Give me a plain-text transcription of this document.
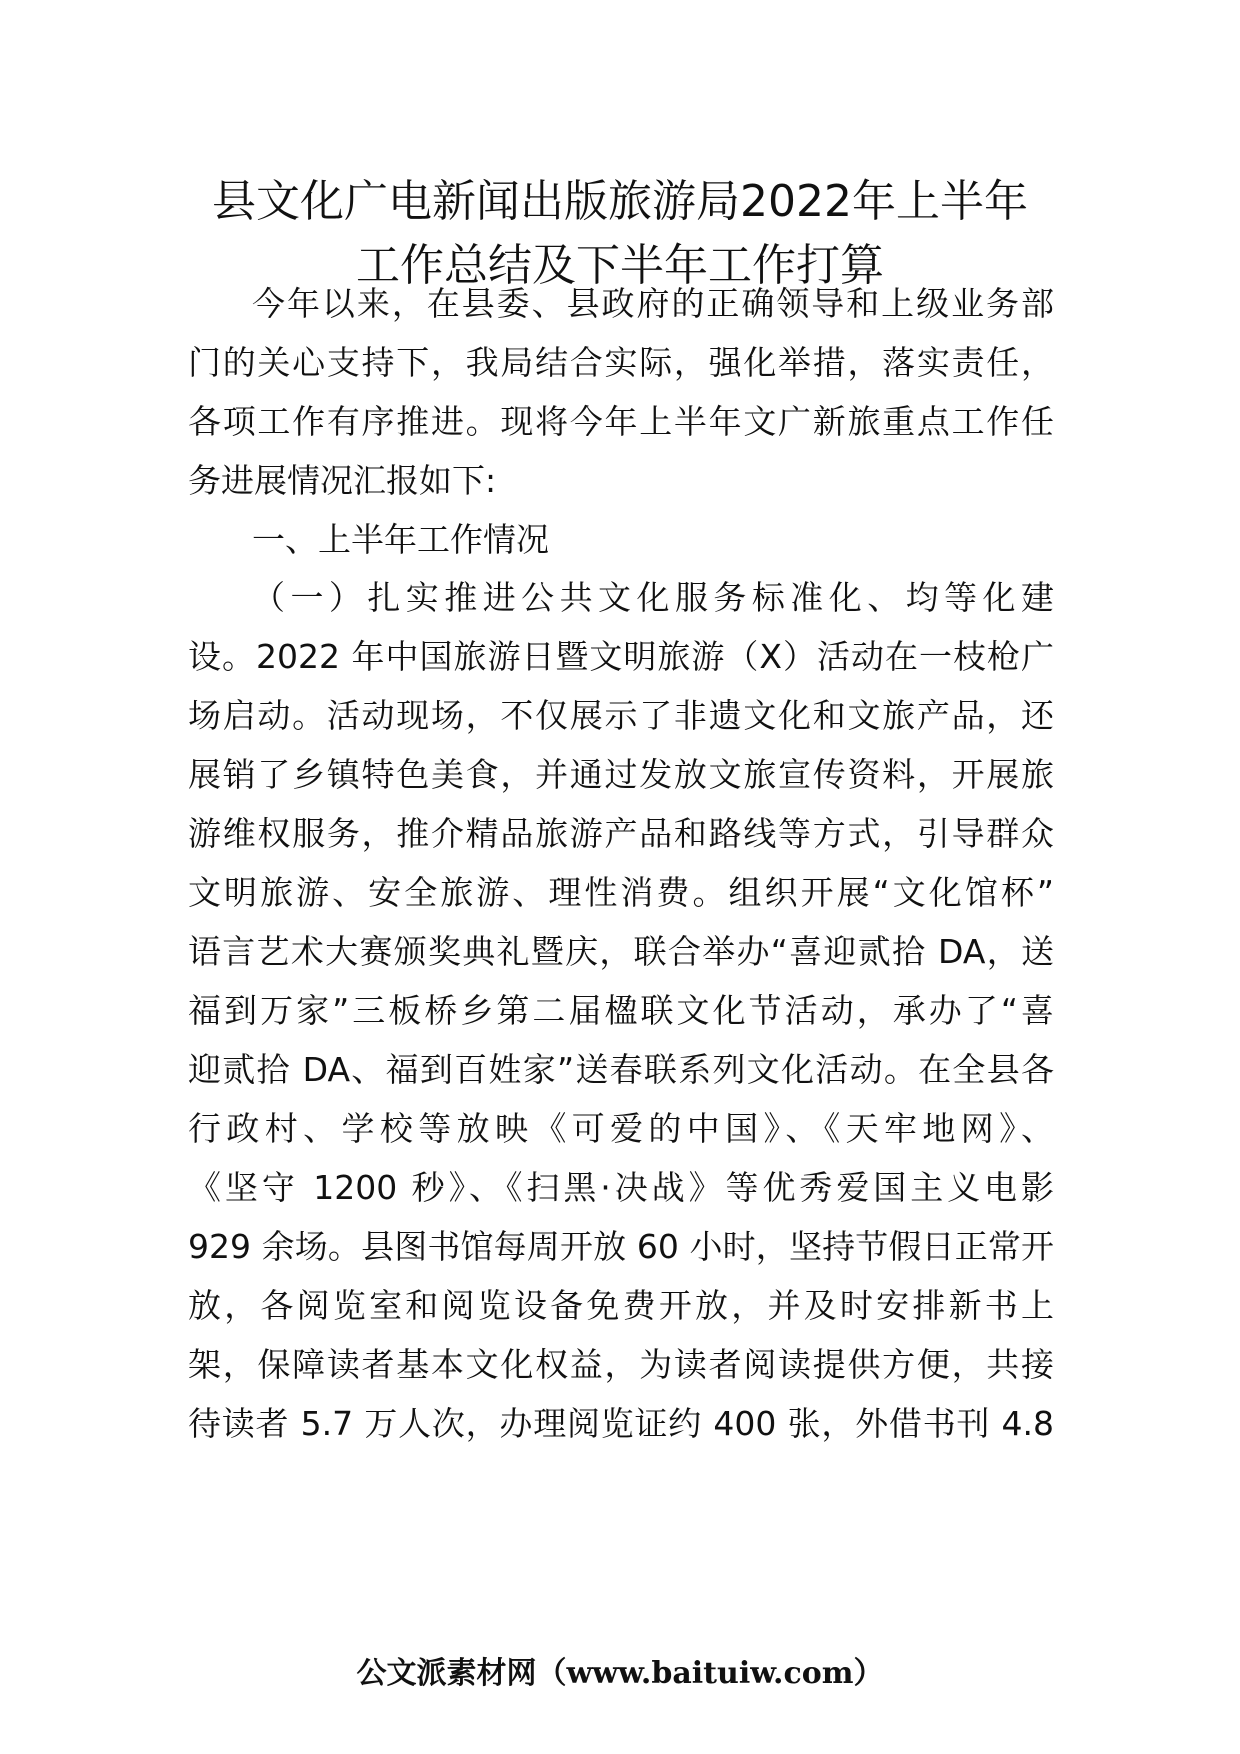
县文化广电新闻出版旅游局2022年上半年
工作总结及下半年工作打算
今年以来，在县委、县政府的正确领导和上级业务部
门的关心支持下，我局结合实际，强化举措，落实责任，
各项工作有序推进。现将今年上半年文广新旅重点工作任
务进展情况汇报如下:
一、上半年工作情况
（一）扎实推进公共文化服务标准化、均等化建
设。2022 年中国旅游日暨文明旅游（X）活动在一枝枪广
场启动。活动现场，不仅展示了非遗文化和文旅产品，还
展销了乡镇特色美食，并通过发放文旅宣传资料，开展旅
游维权服务，推介精品旅游产品和路线等方式，引导群众
文明旅游、安全旅游、理性消费。组织开展“文化馆杯”
语言艺术大赛颁奖典礼暨庆，联合举办“喜迎贰拾 DA，送
福到万家”三板桥乡第二届楹联文化节活动，承办了“喜
迎贰拾 DA、福到百姓家”送春联系列文化活动。在全县各
行政村、学校等放映《可爱的中国》、《天牢地网》、
《坚守 1200 秒》、《扫黑·决战》等优秀爱国主义电影
929 余场。县图书馆每周开放 60 小时，坚持节假日正常开
放，各阅览室和阅览设备免费开放，并及时安排新书上
架，保障读者基本文化权益，为读者阅读提供方便，共接
待读者 5.7 万人次，办理阅览证约 400 张，外借书刊 4.8
公文派素材网（www.baituiw.com）
